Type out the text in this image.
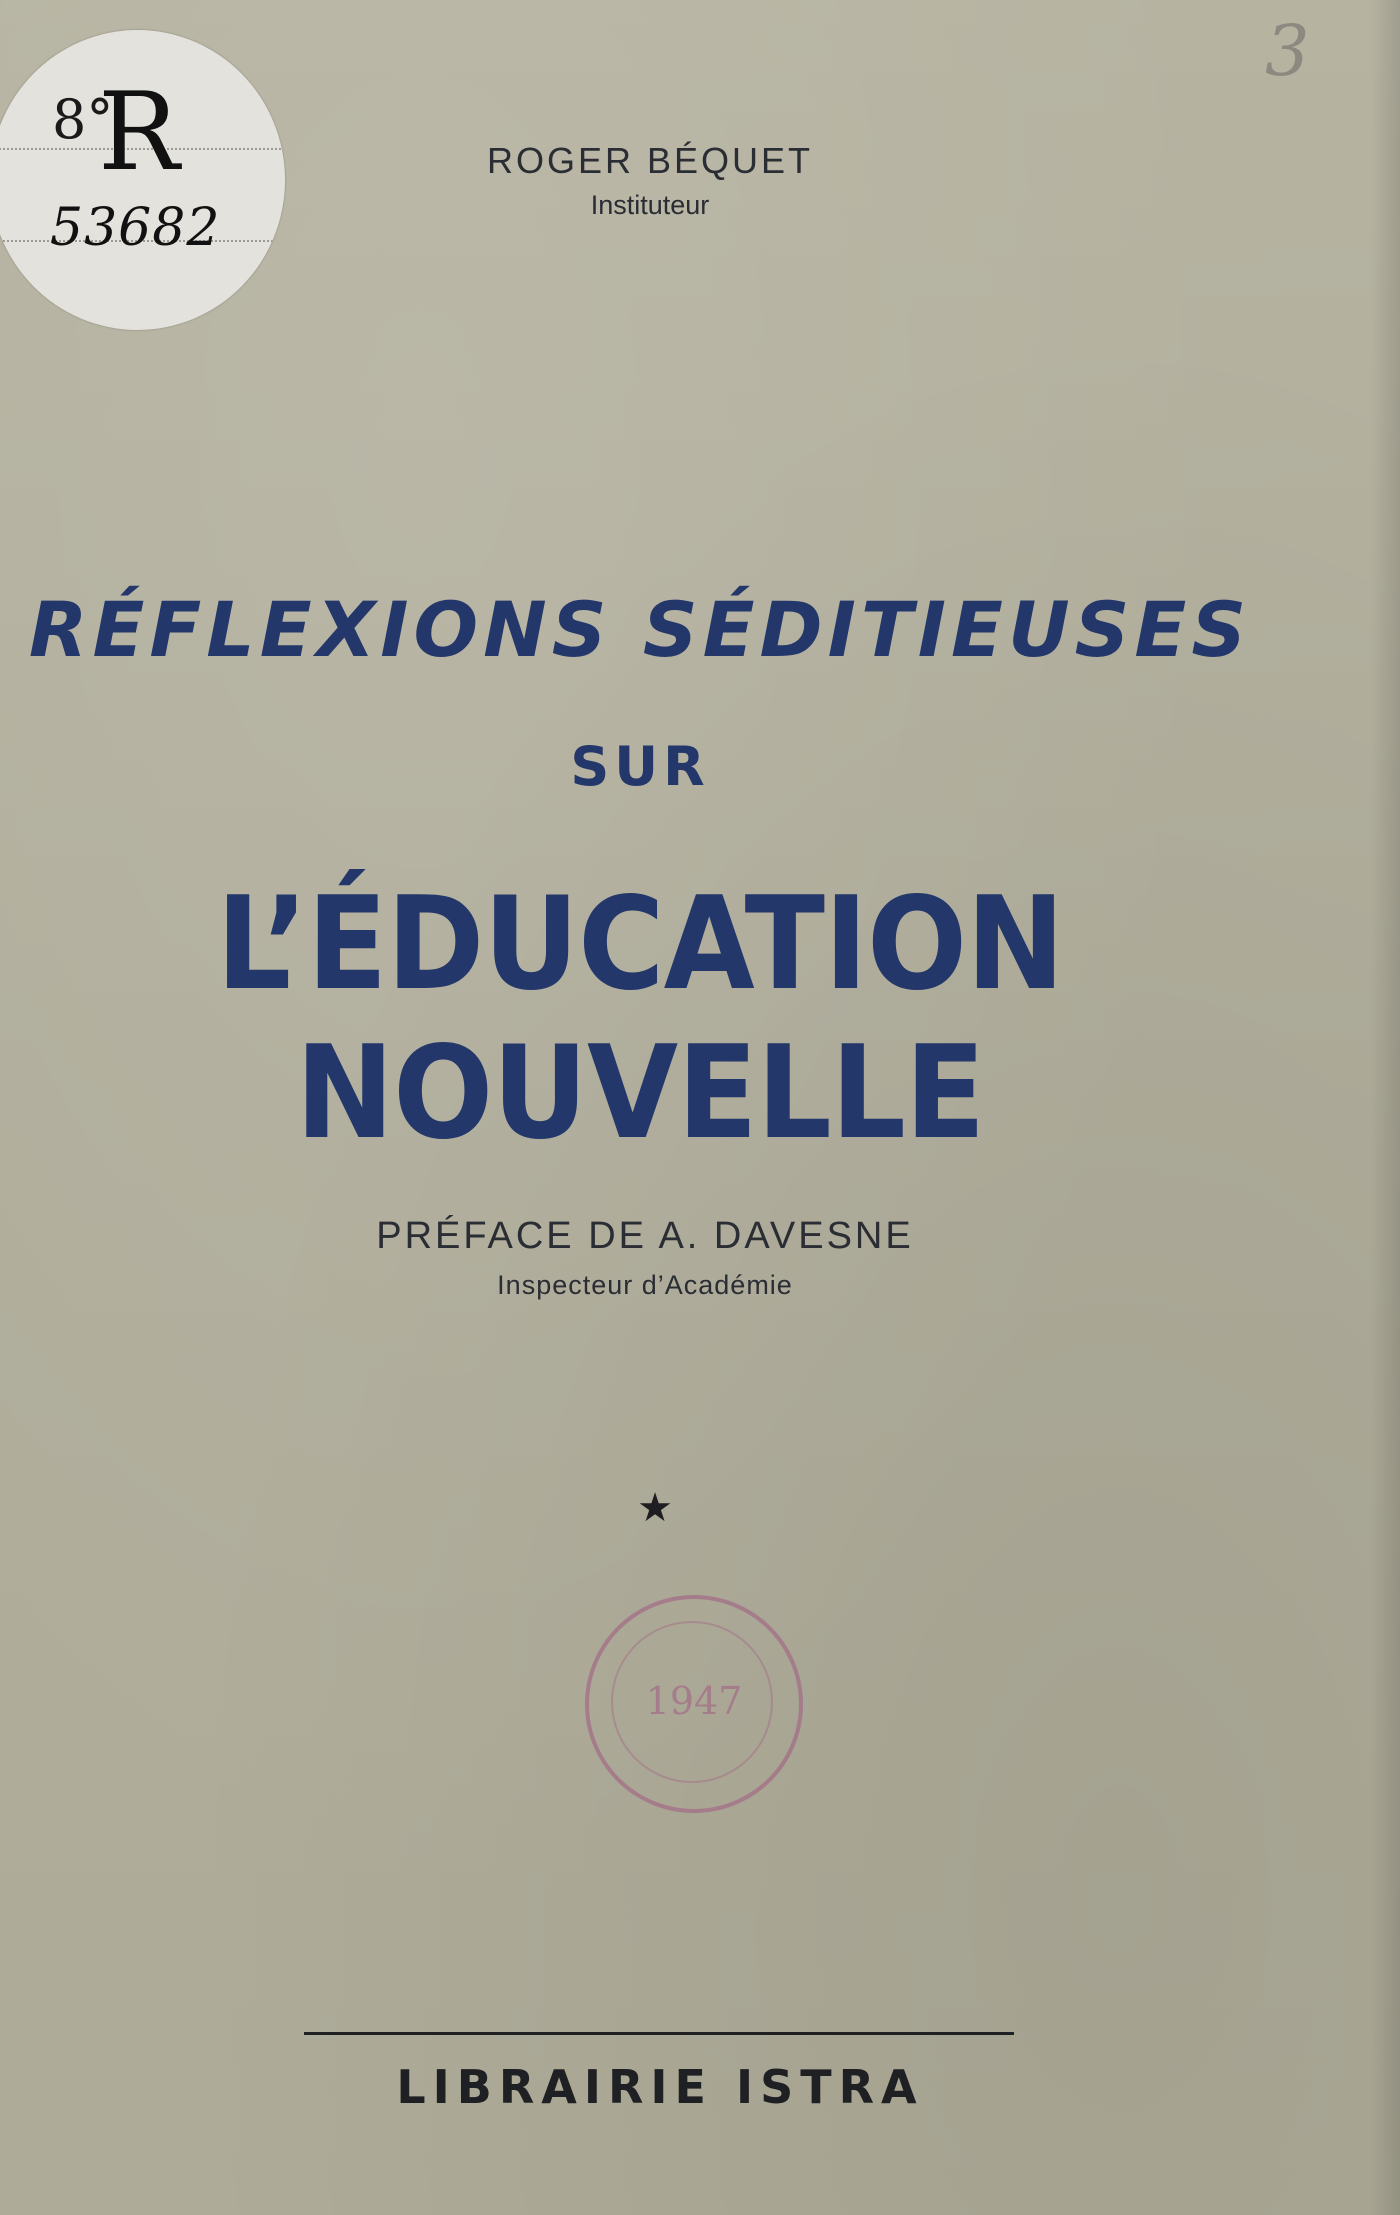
8°
R
53682
3
ROGER BÉQUET
Instituteur
RÉFLEXIONS SÉDITIEUSES
SUR
L’ÉDUCATION NOUVELLE
PRÉFACE DE A. DAVESNE
Inspecteur d’Académie
★
1947
LIBRAIRIE ISTRA
